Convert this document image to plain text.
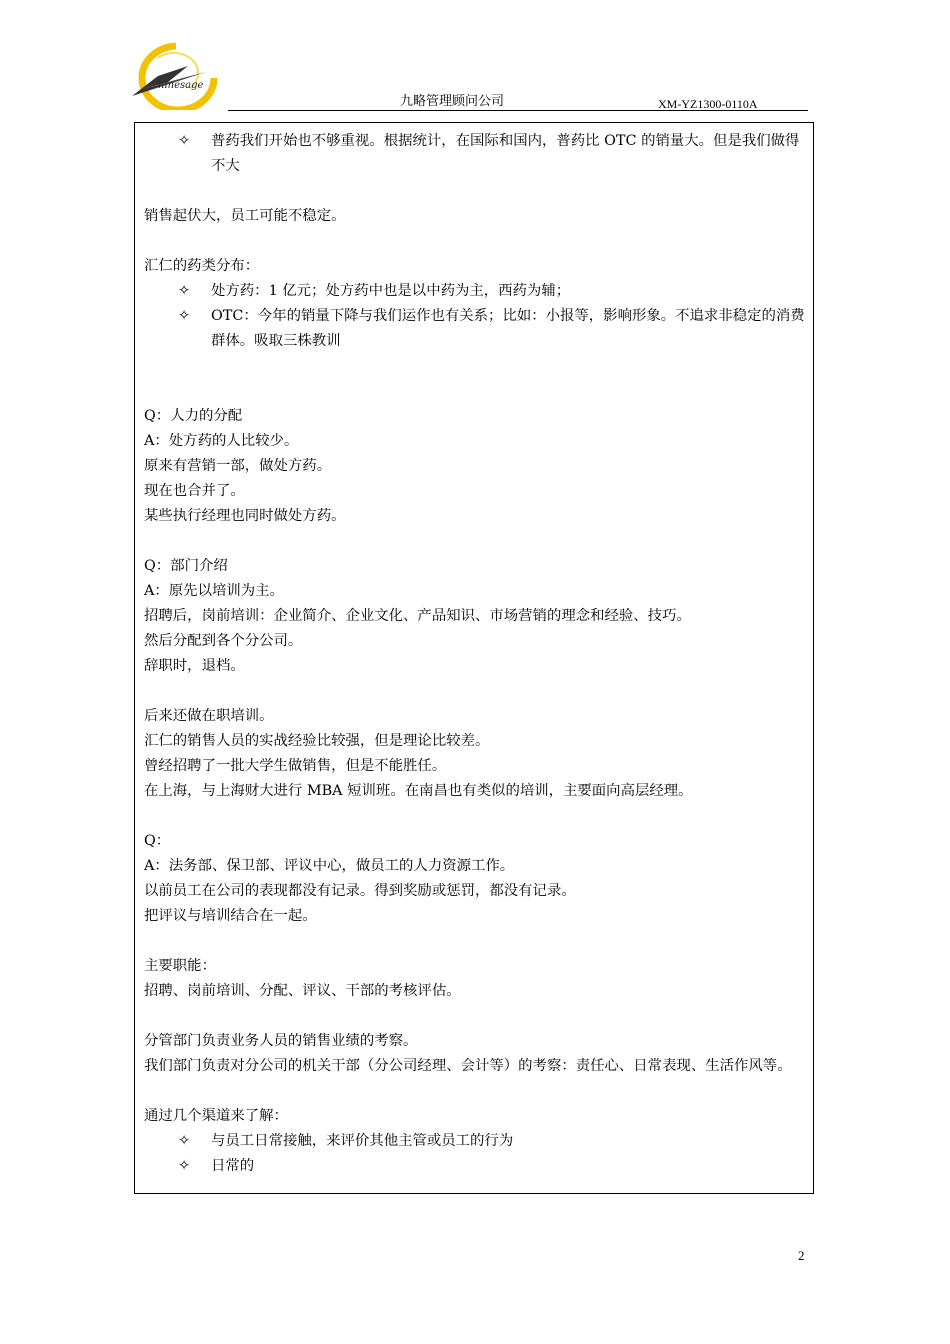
ninesage
九略管理顾问公司	XM-YZ1300-0110A
✧ 普药我们开始也不够重视。根据统计，在国际和国内，普药比 OTC 的销量大。但是我们做得不大

销售起伏大，员工可能不稳定。

汇仁的药类分布：

✧ 处方药：1 亿元；处方药中也是以中药为主，西药为辅；
✧ OTC：今年的销量下降与我们运作也有关系；比如：小报等，影响形象。不追求非稳定的消费群体。吸取三株教训

Q：人力的分配

A：处方药的人比较少。

原来有营销一部，做处方药。

现在也合并了。

某些执行经理也同时做处方药。

Q：部门介绍

A：原先以培训为主。

招聘后，岗前培训：企业简介、企业文化、产品知识、市场营销的理念和经验、技巧。

然后分配到各个分公司。

辞职时，退档。

后来还做在职培训。

汇仁的销售人员的实战经验比较强，但是理论比较差。

曾经招聘了一批大学生做销售，但是不能胜任。

在上海，与上海财大进行 MBA 短训班。在南昌也有类似的培训，主要面向高层经理。

Q：

A：法务部、保卫部、评议中心，做员工的人力资源工作。

以前员工在公司的表现都没有记录。得到奖励或惩罚，都没有记录。

把评议与培训结合在一起。

主要职能：

招聘、岗前培训、分配、评议、干部的考核评估。

分管部门负责业务人员的销售业绩的考察。

我们部门负责对分公司的机关干部（分公司经理、会计等）的考察：责任心、日常表现、生活作风等。

通过几个渠道来了解：

✧ 与员工日常接触，来评价其他主管或员工的行为
✧ 日常的
2
